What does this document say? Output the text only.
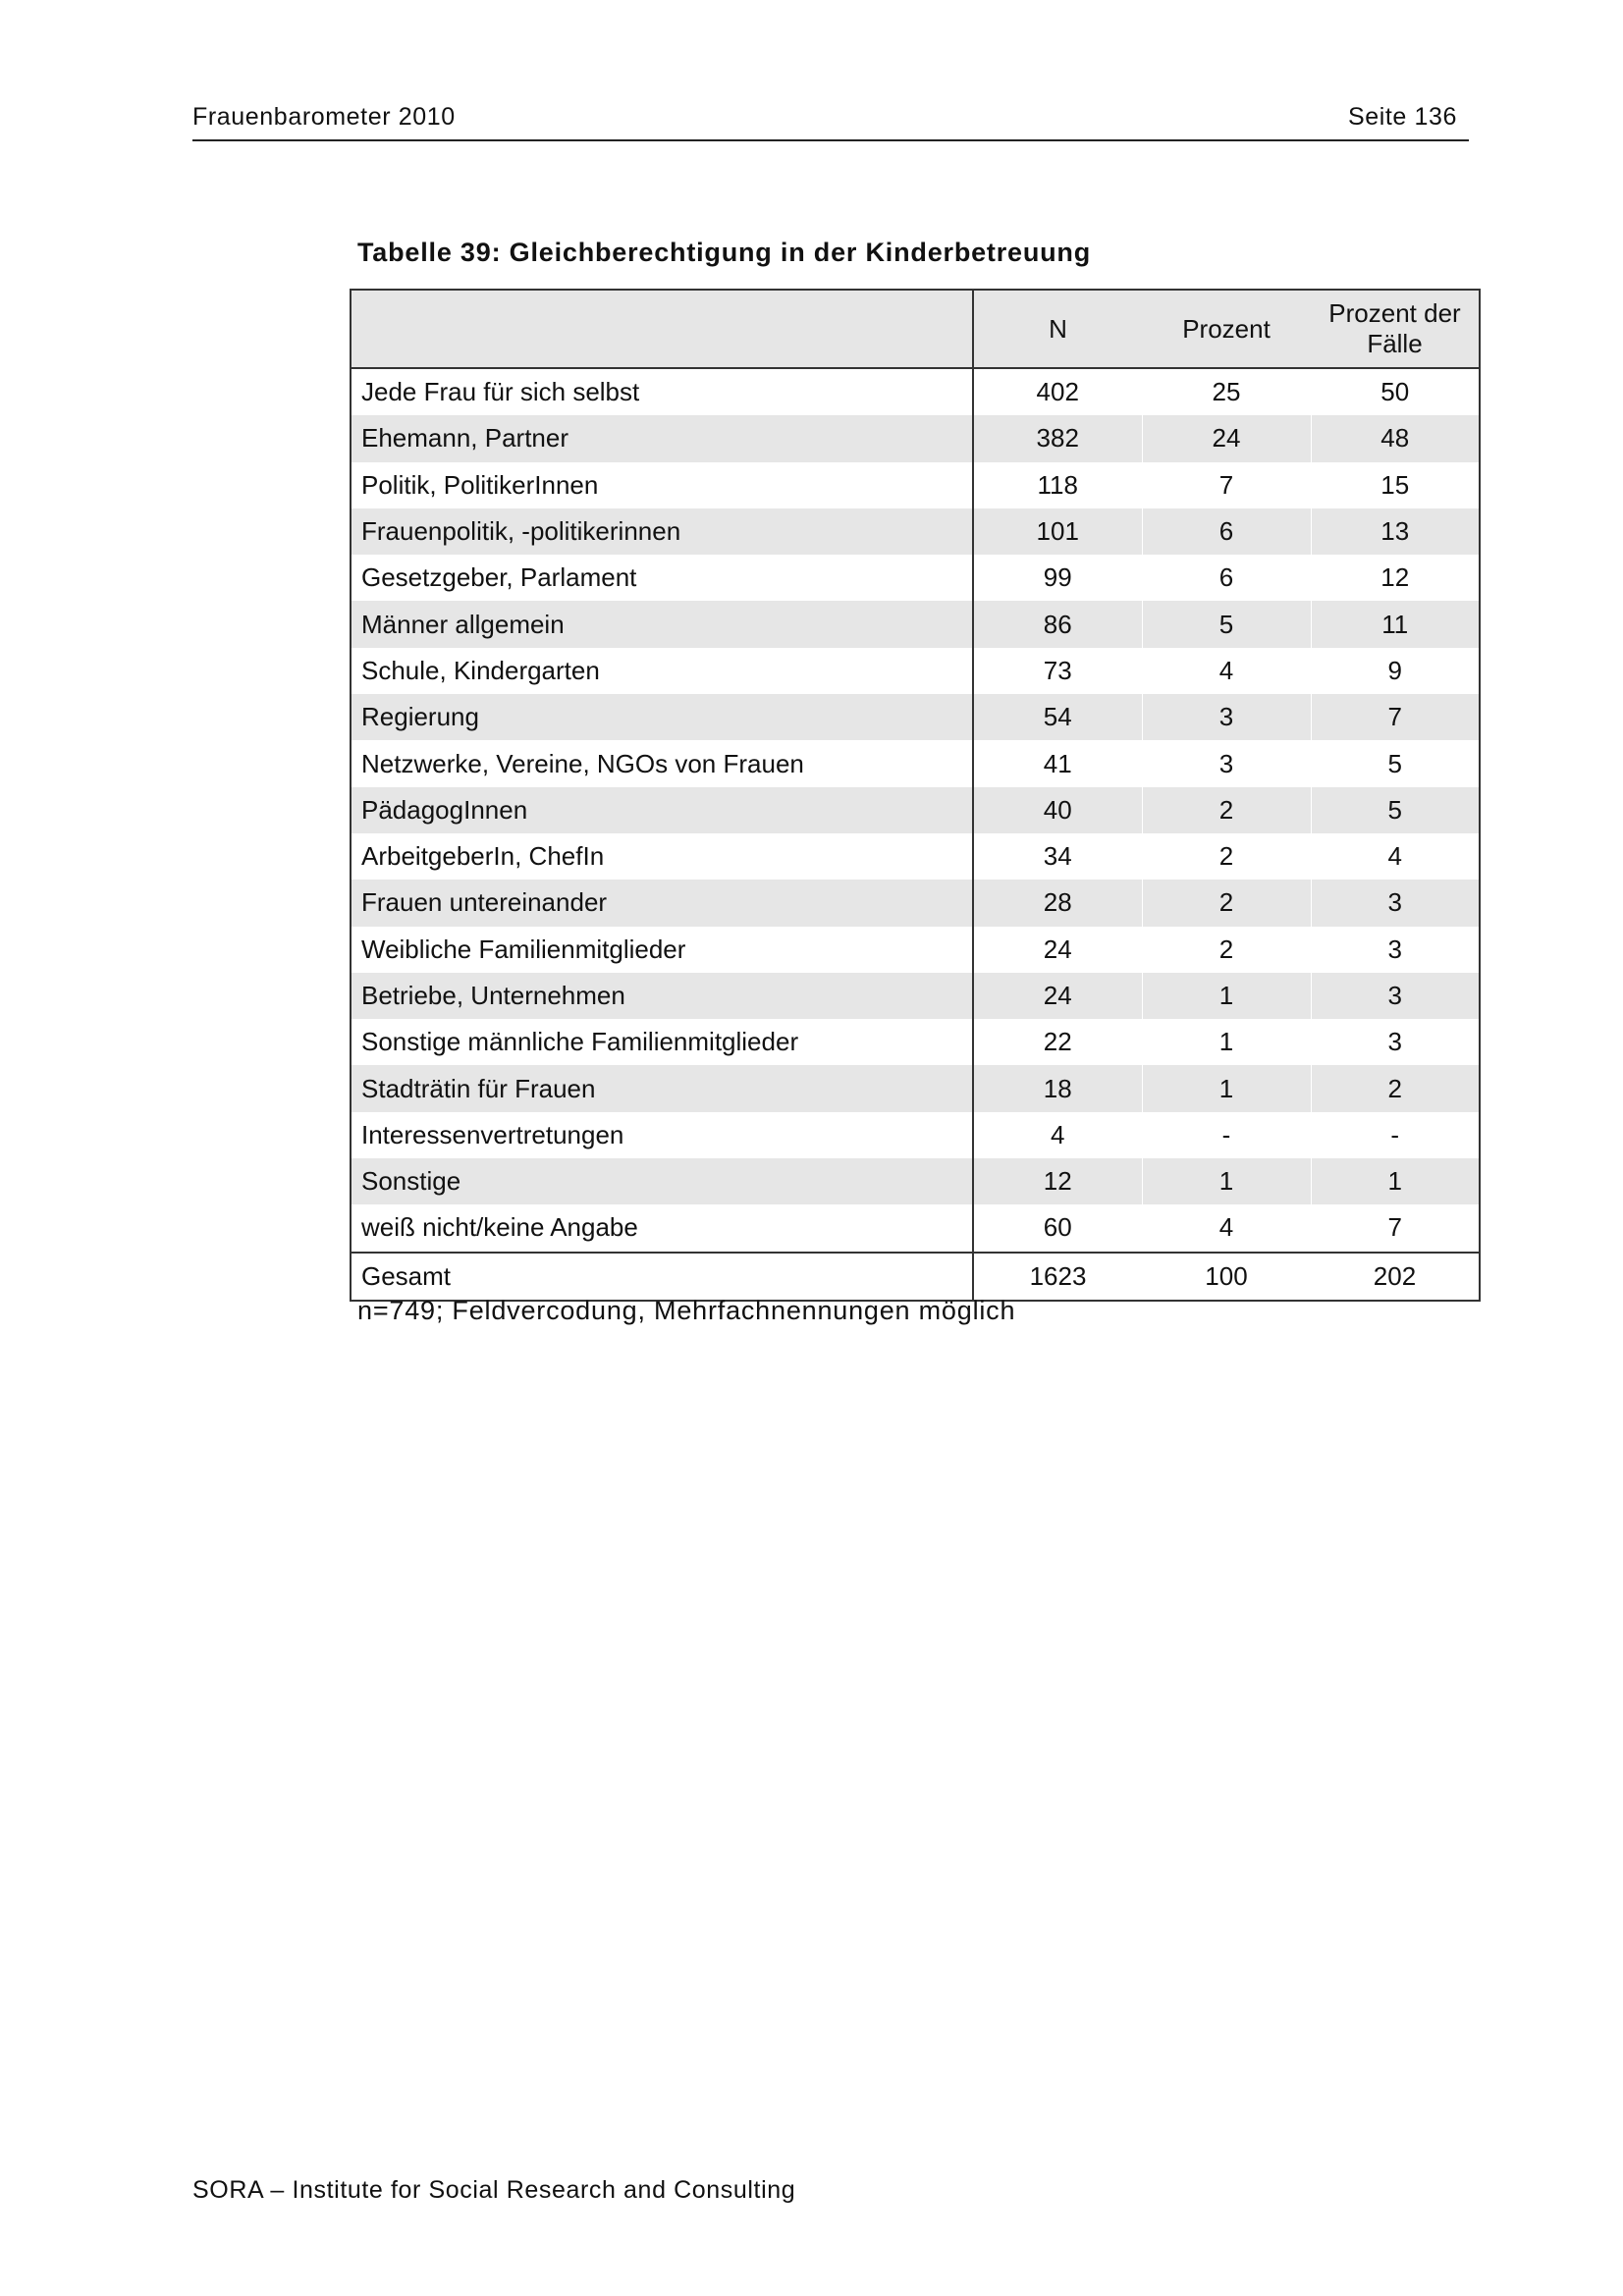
Frauenbarometer 2010	Seite 136
Tabelle 39: Gleichberechtigung in der Kinderbetreuung
	N	Prozent	Prozent der Fälle
Jede Frau für sich selbst	402	25	50
Ehemann, Partner	382	24	48
Politik, PolitikerInnen	118	7	15
Frauenpolitik, -politikerinnen	101	6	13
Gesetzgeber, Parlament	99	6	12
Männer allgemein	86	5	11
Schule, Kindergarten	73	4	9
Regierung	54	3	7
Netzwerke, Vereine, NGOs von Frauen	41	3	5
PädagogInnen	40	2	5
ArbeitgeberIn, ChefIn	34	2	4
Frauen untereinander	28	2	3
Weibliche Familienmitglieder	24	2	3
Betriebe, Unternehmen	24	1	3
Sonstige männliche Familienmitglieder	22	1	3
Stadträtin für Frauen	18	1	2
Interessenvertretungen	4	-	-
Sonstige	12	1	1
weiß nicht/keine Angabe	60	4	7
Gesamt	1623	100	202
n=749; Feldvercodung, Mehrfachnennungen möglich
SORA – Institute for Social Research and Consulting
